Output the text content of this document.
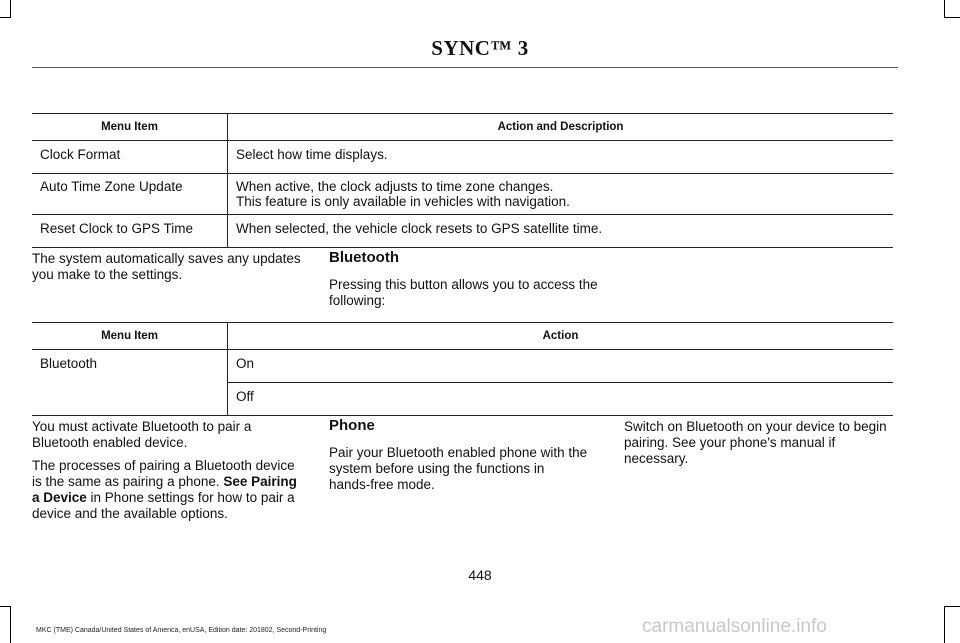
SYNC™ 3
Menu Item	Action and Description
Clock Format	Select how time displays.
Auto Time Zone Update	When active, the clock adjusts to time zone changes.
This feature is only available in vehicles with navigation.

Reset Clock to GPS Time	When selected, the vehicle clock resets to GPS satellite time.
The system automatically saves any updates
you make to the settings.
Bluetooth
Pressing this button allows you to access the
following:
Menu Item	Action
Bluetooth	On
	Off
You must activate Bluetooth to pair a
Bluetooth enabled device.
The processes of pairing a Bluetooth device
is the same as pairing a phone. See Pairing
a Device in Phone settings for how to pair a
device and the available options.
Phone
Pair your Bluetooth enabled phone with the
system before using the functions in
hands-free mode.
Switch on Bluetooth on your device to begin
pairing. See your phone's manual if
necessary.
448
MKC (TME) Canada/United States of America, enUSA, Edition date: 201802, Second-Printing	carmanualsonline.info
